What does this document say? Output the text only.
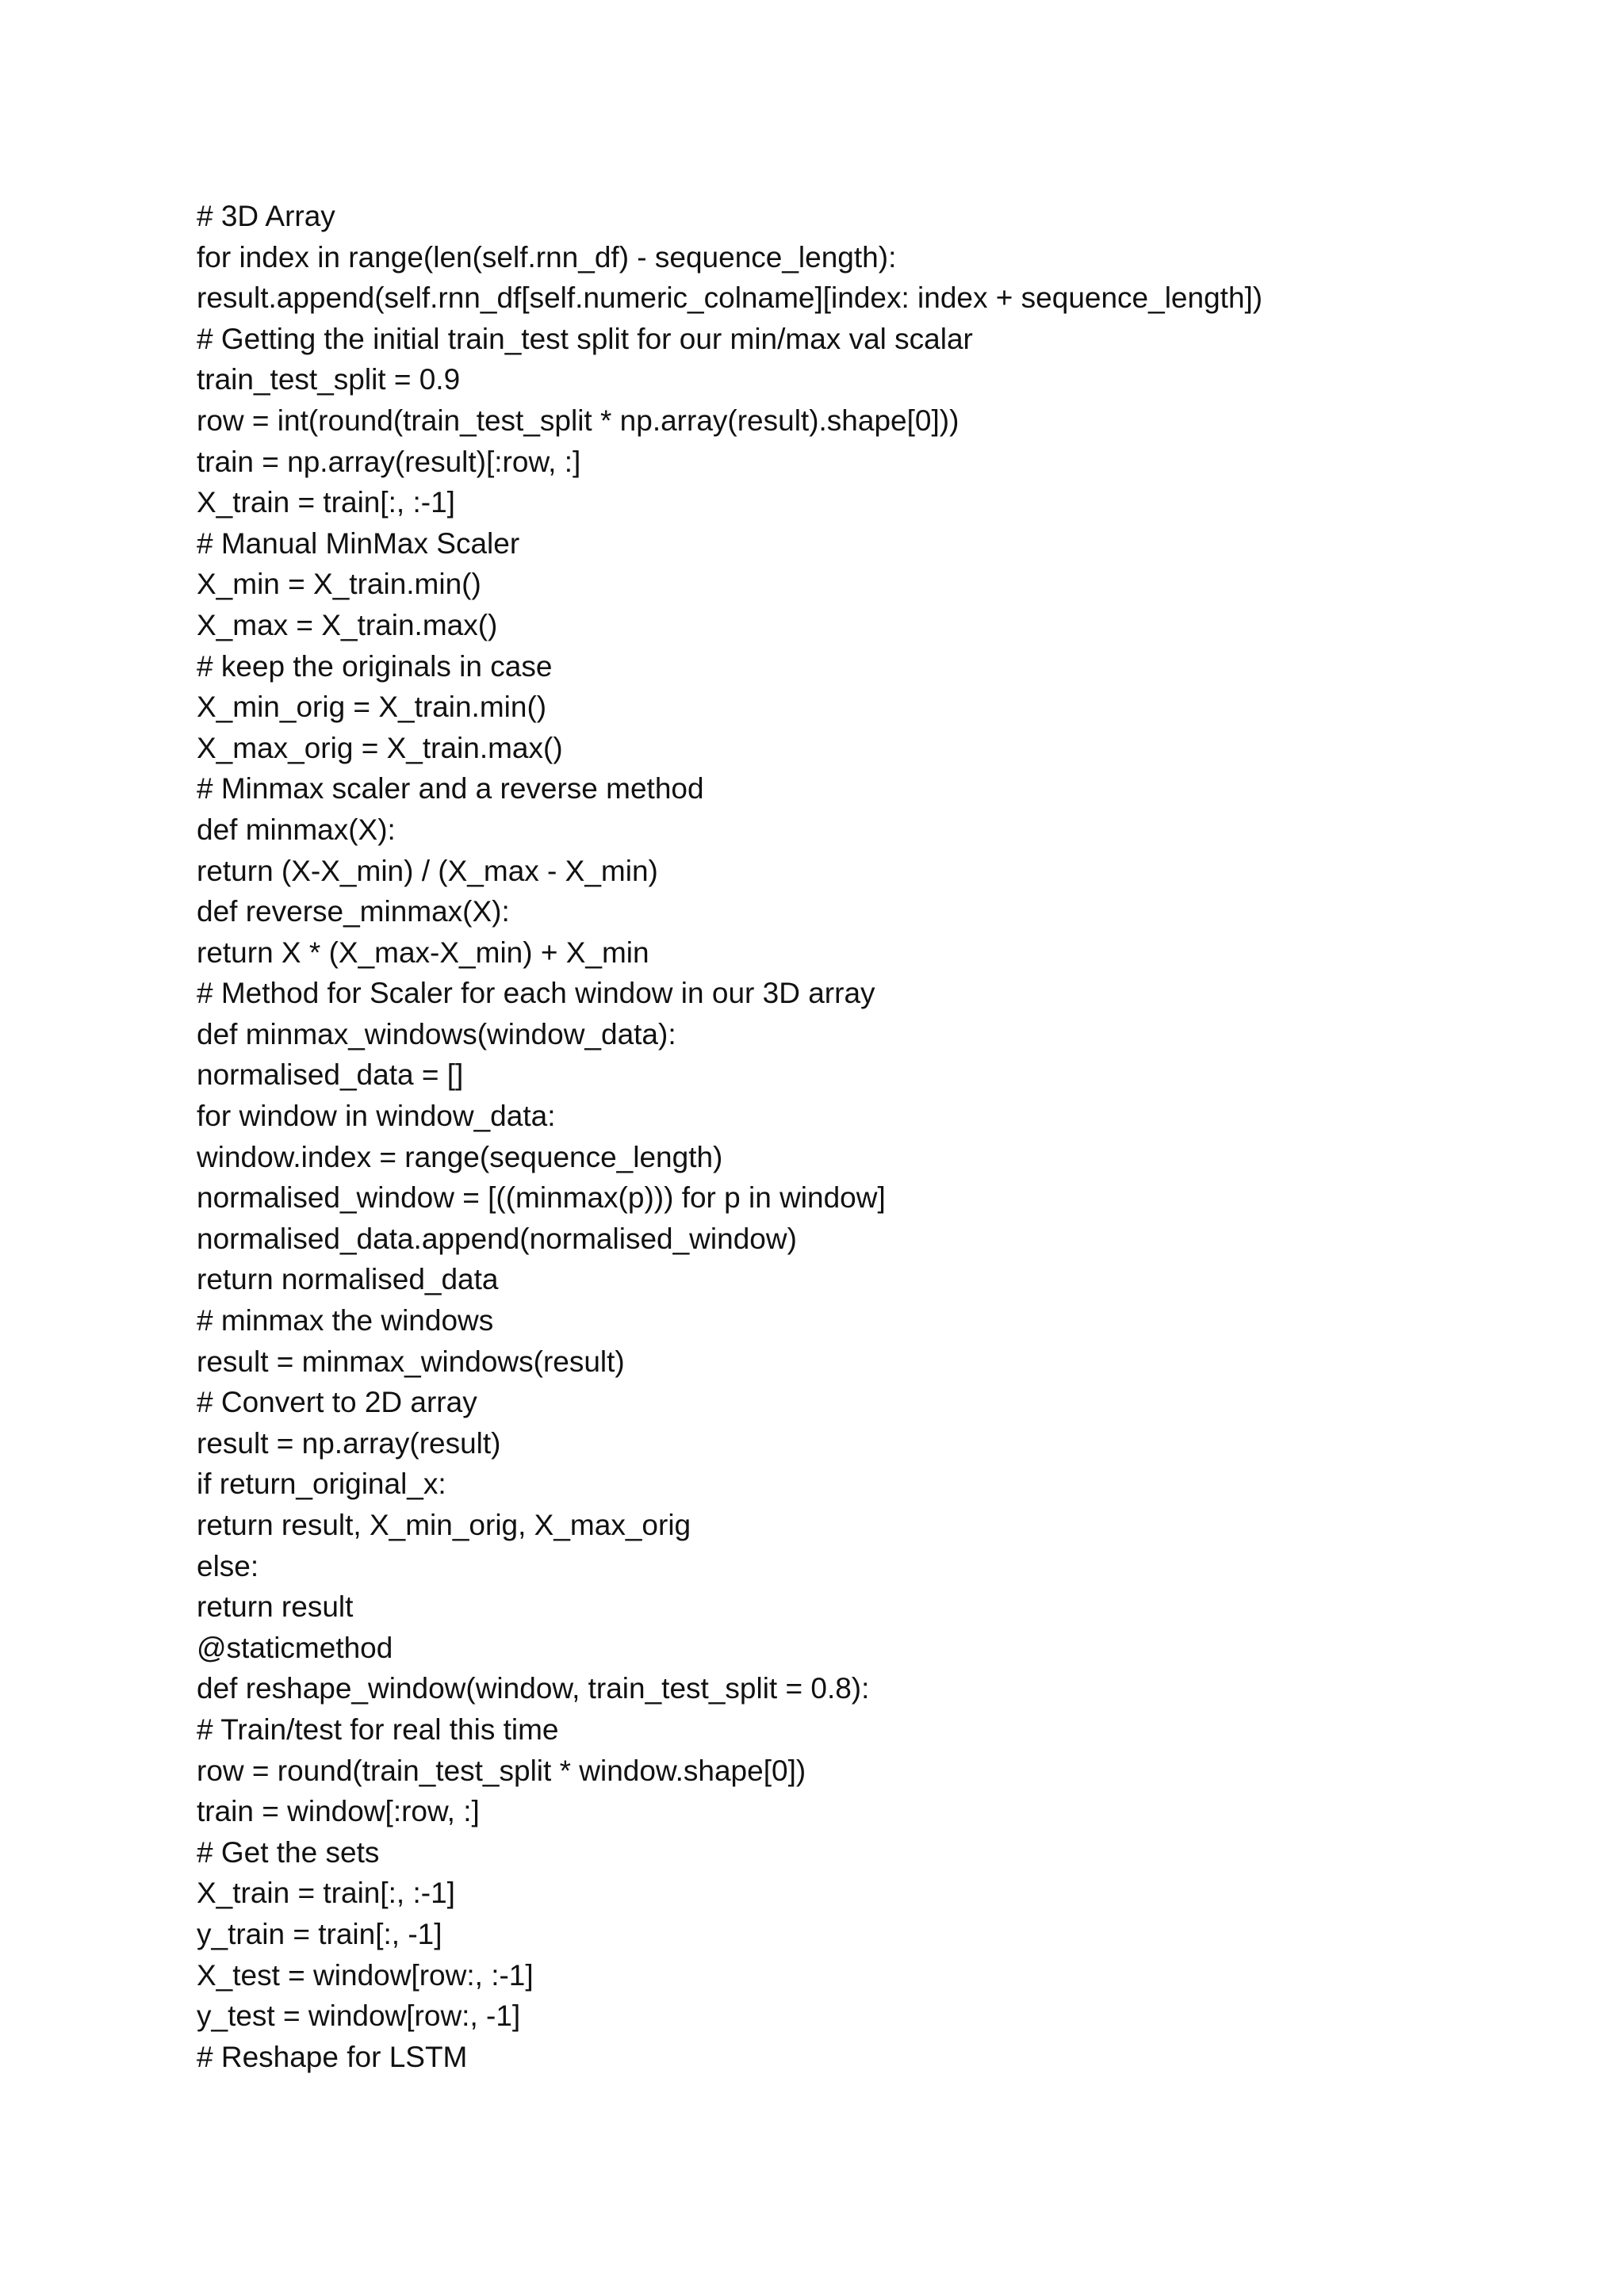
# 3D Array
for index in range(len(self.rnn_df) - sequence_length):
result.append(self.rnn_df[self.numeric_colname][index: index + sequence_length])
# Getting the initial train_test split for our min/max val scalar
train_test_split = 0.9
row = int(round(train_test_split * np.array(result).shape[0]))
train = np.array(result)[:row, :]
X_train = train[:, :-1]
# Manual MinMax Scaler
X_min = X_train.min()
X_max = X_train.max()
# keep the originals in case
X_min_orig = X_train.min()
X_max_orig = X_train.max()
# Minmax scaler and a reverse method
def minmax(X):
return (X-X_min) / (X_max - X_min)
def reverse_minmax(X):
return X * (X_max-X_min) + X_min
# Method for Scaler for each window in our 3D array
def minmax_windows(window_data):
normalised_data = []
for window in window_data:
window.index = range(sequence_length)
normalised_window = [((minmax(p))) for p in window]
normalised_data.append(normalised_window)
return normalised_data
# minmax the windows
result = minmax_windows(result)
# Convert to 2D array
result = np.array(result)
if return_original_x:
return result, X_min_orig, X_max_orig
else:
return result
@staticmethod
def reshape_window(window, train_test_split = 0.8):
# Train/test for real this time
row = round(train_test_split * window.shape[0])
train = window[:row, :]
# Get the sets
X_train = train[:, :-1]
y_train = train[:, -1]
X_test = window[row:, :-1]
y_test = window[row:, -1]
# Reshape for LSTM
